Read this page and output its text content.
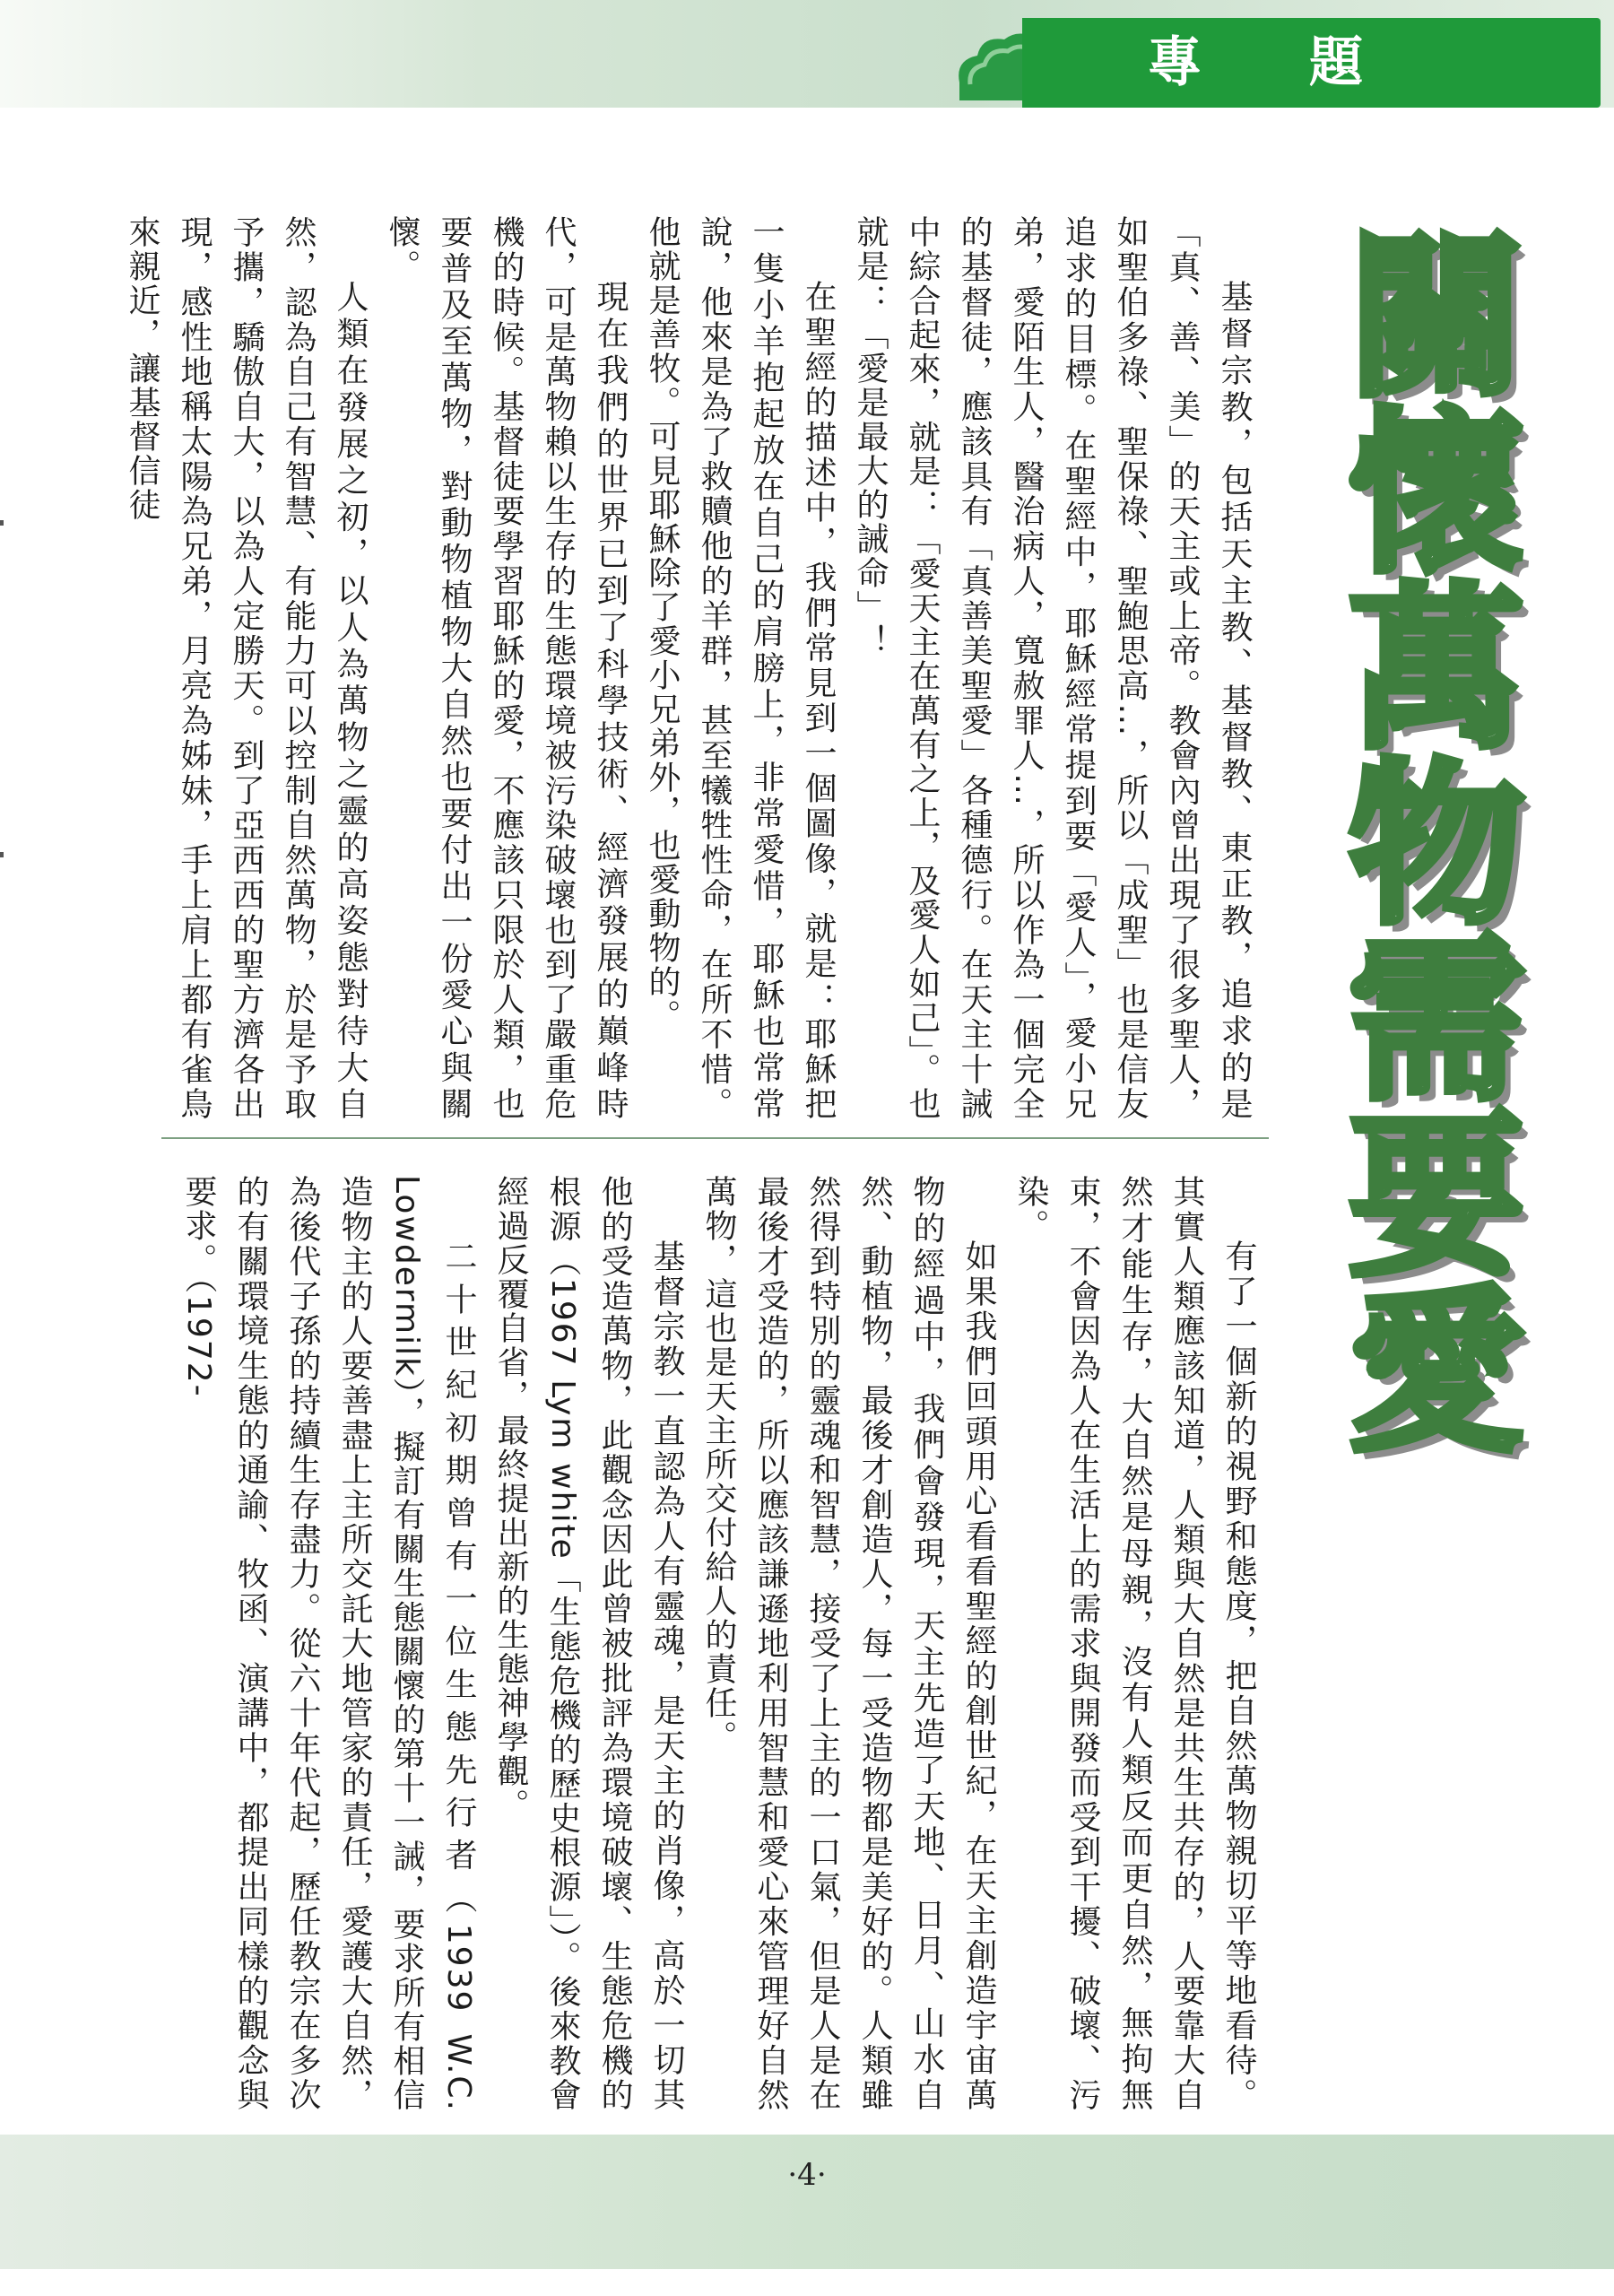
專題
關懷萬物需要愛

基督宗教，包括天主教、基督教、東正教，追求的是「真、善、美」的天主或上帝。教會內曾出現了很多聖人，如聖伯多祿、聖保祿、聖鮑思高…，所以「成聖」也是信友追求的目標。在聖經中，耶穌經常提到要「愛人」，愛小兄弟，愛陌生人，醫治病人，寬赦罪人…，所以作為一個完全的基督徒，應該具有「真善美聖愛」各種德行。在天主十誡中綜合起來，就是：「愛天主在萬有之上，及愛人如己」。也就是：「愛是最大的誡命」！

在聖經的描述中，我們常見到一個圖像，就是：耶穌把一隻小羊抱起放在自己的肩膀上，非常愛惜，耶穌也常常說，他來是為了救贖他的羊群，甚至犧牲性命，在所不惜。他就是善牧。可見耶穌除了愛小兄弟外，也愛動物的。

現在我們的世界已到了科學技術、經濟發展的巔峰時代，可是萬物賴以生存的生態環境被污染破壞也到了嚴重危機的時候。基督徒要學習耶穌的愛，不應該只限於人類，也要普及至萬物，對動物植物大自然也要付出一份愛心與關懷。

人類在發展之初，以人為萬物之靈的高姿態對待大自然，認為自己有智慧、有能力可以控制自然萬物，於是予取予攜，驕傲自大，以為人定勝天。到了亞西西的聖方濟各出現，感性地稱太陽為兄弟，月亮為姊妹，手上肩上都有雀鳥來親近，讓基督信徒

有了一個新的視野和態度，把自然萬物親切平等地看待。其實人類應該知道，人類與大自然是共生共存的，人要靠大自然才能生存，大自然是母親，沒有人類反而更自然，無拘無束，不會因為人在生活上的需求與開發而受到干擾、破壞、污染。

如果我們回頭用心看看聖經的創世紀，在天主創造宇宙萬物的經過中，我們會發現，天主先造了天地、日月、山水自然、動植物，最後才創造人，每一受造物都是美好的。人類雖然得到特別的靈魂和智慧，接受了上主的一口氣，但是人是在最後才受造的，所以應該謙遜地利用智慧和愛心來管理好自然萬物，這也是天主所交付給人的責任。

基督宗教一直認為人有靈魂，是天主的肖像，高於一切其他的受造萬物，此觀念因此曾被批評為環境破壞、生態危機的根源（1967 Lym white「生態危機的歷史根源」）。後來教會經過反覆自省，最終提出新的生態神學觀。

二十世紀初期曾有一位生態先行者（1939 W.C. Lowdermilk），擬訂有關生態關懷的第十一誡，要求所有相信造物主的人要善盡上主所交託大地管家的責任，愛護大自然，為後代子孫的持續生存盡力。從六十年代起，歷任教宗在多次的有關環境生態的通諭、牧函、演講中，都提出同樣的觀念與要求。（1972-

·4·
